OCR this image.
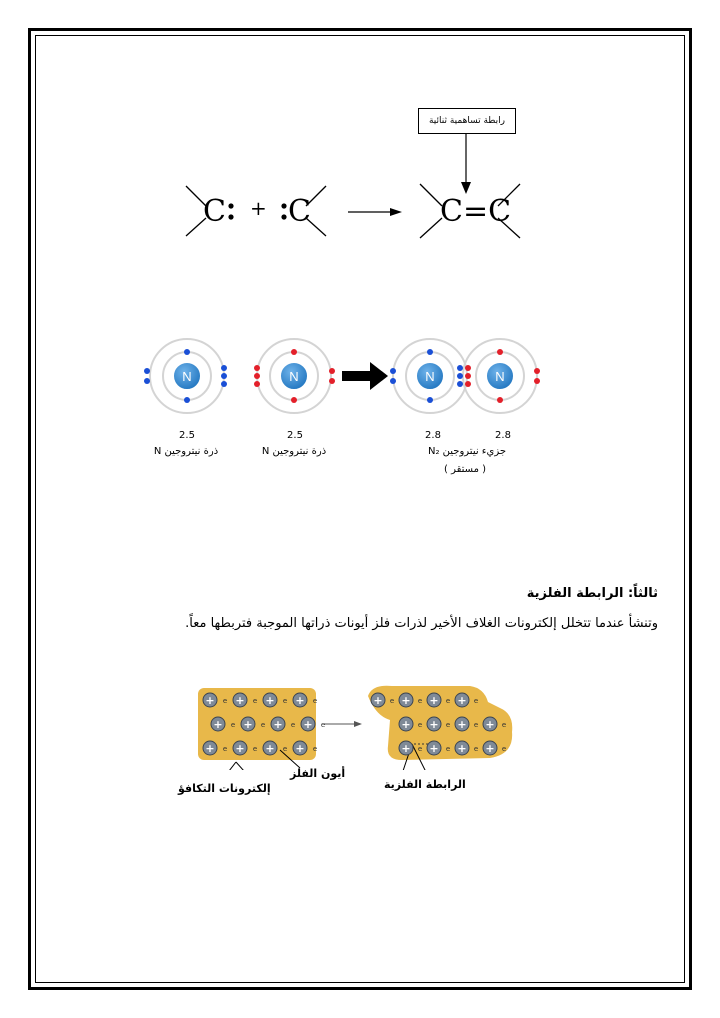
رابطة تساهمية ثنائية
C + C	C=C
N	N	N	N
2.5
ذرة نيتروجين N
2.5
ذرة نيتروجين N
2.8	2.8
جزيء نيتروجين N₂
( مستقر )
ثالثاً: الرابطة الفلزية
وتنشأ عندما تتخلل إلكترونات الغلاف الأخير لذرات فلز أيونات ذراتها الموجبة فتربطها معاً.
+ e + e + e + e
+ e + e + e + e
+ e + e + e + e
+ e + e + e + e
+ e + e + e + e
+ e + e + e + e
أيون الفلز
إلكترونات التكافؤ	الرابطة الفلزية
